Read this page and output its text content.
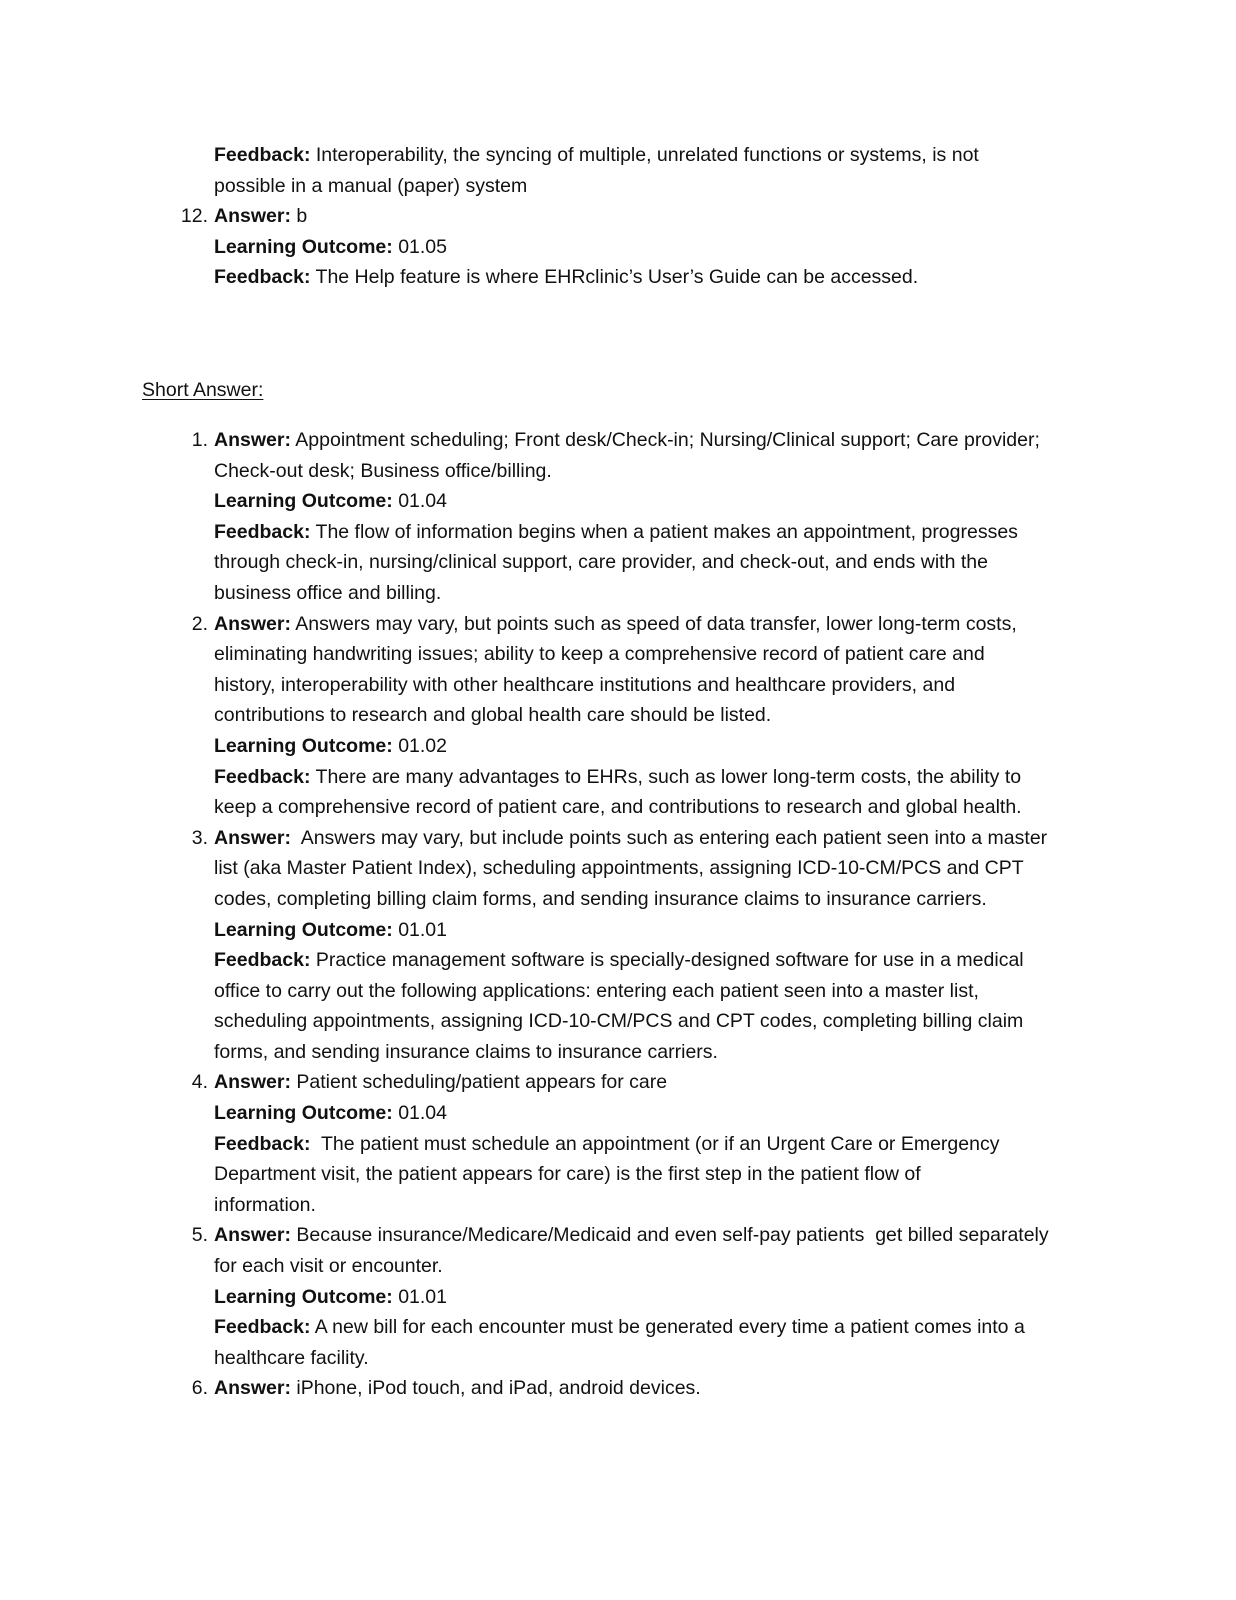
Feedback: Interoperability, the syncing of multiple, unrelated functions or systems, is not
possible in a manual (paper) system
12. Answer: b
Learning Outcome: 01.05
Feedback: The Help feature is where EHRclinic’s User’s Guide can be accessed.
Short Answer:
1. Answer: Appointment scheduling; Front desk/Check-in; Nursing/Clinical support; Care provider;
Check-out desk; Business office/billing.
Learning Outcome: 01.04
Feedback: The flow of information begins when a patient makes an appointment, progresses
through check-in, nursing/clinical support, care provider, and check-out, and ends with the
business office and billing.
2. Answer: Answers may vary, but points such as speed of data transfer, lower long-term costs,
eliminating handwriting issues; ability to keep a comprehensive record of patient care and
history, interoperability with other healthcare institutions and healthcare providers, and
contributions to research and global health care should be listed.
Learning Outcome: 01.02
Feedback: There are many advantages to EHRs, such as lower long-term costs, the ability to
keep a comprehensive record of patient care, and contributions to research and global health.
3. Answer:  Answers may vary, but include points such as entering each patient seen into a master
list (aka Master Patient Index), scheduling appointments, assigning ICD-10-CM/PCS and CPT
codes, completing billing claim forms, and sending insurance claims to insurance carriers.
Learning Outcome: 01.01
Feedback: Practice management software is specially-designed software for use in a medical
office to carry out the following applications: entering each patient seen into a master list,
scheduling appointments, assigning ICD-10-CM/PCS and CPT codes, completing billing claim
forms, and sending insurance claims to insurance carriers.
4. Answer: Patient scheduling/patient appears for care
Learning Outcome: 01.04
Feedback:  The patient must schedule an appointment (or if an Urgent Care or Emergency
Department visit, the patient appears for care) is the first step in the patient flow of
information.
5. Answer: Because insurance/Medicare/Medicaid and even self-pay patients  get billed separately
for each visit or encounter.
Learning Outcome: 01.01
Feedback: A new bill for each encounter must be generated every time a patient comes into a
healthcare facility.
6. Answer: iPhone, iPod touch, and iPad, android devices.
